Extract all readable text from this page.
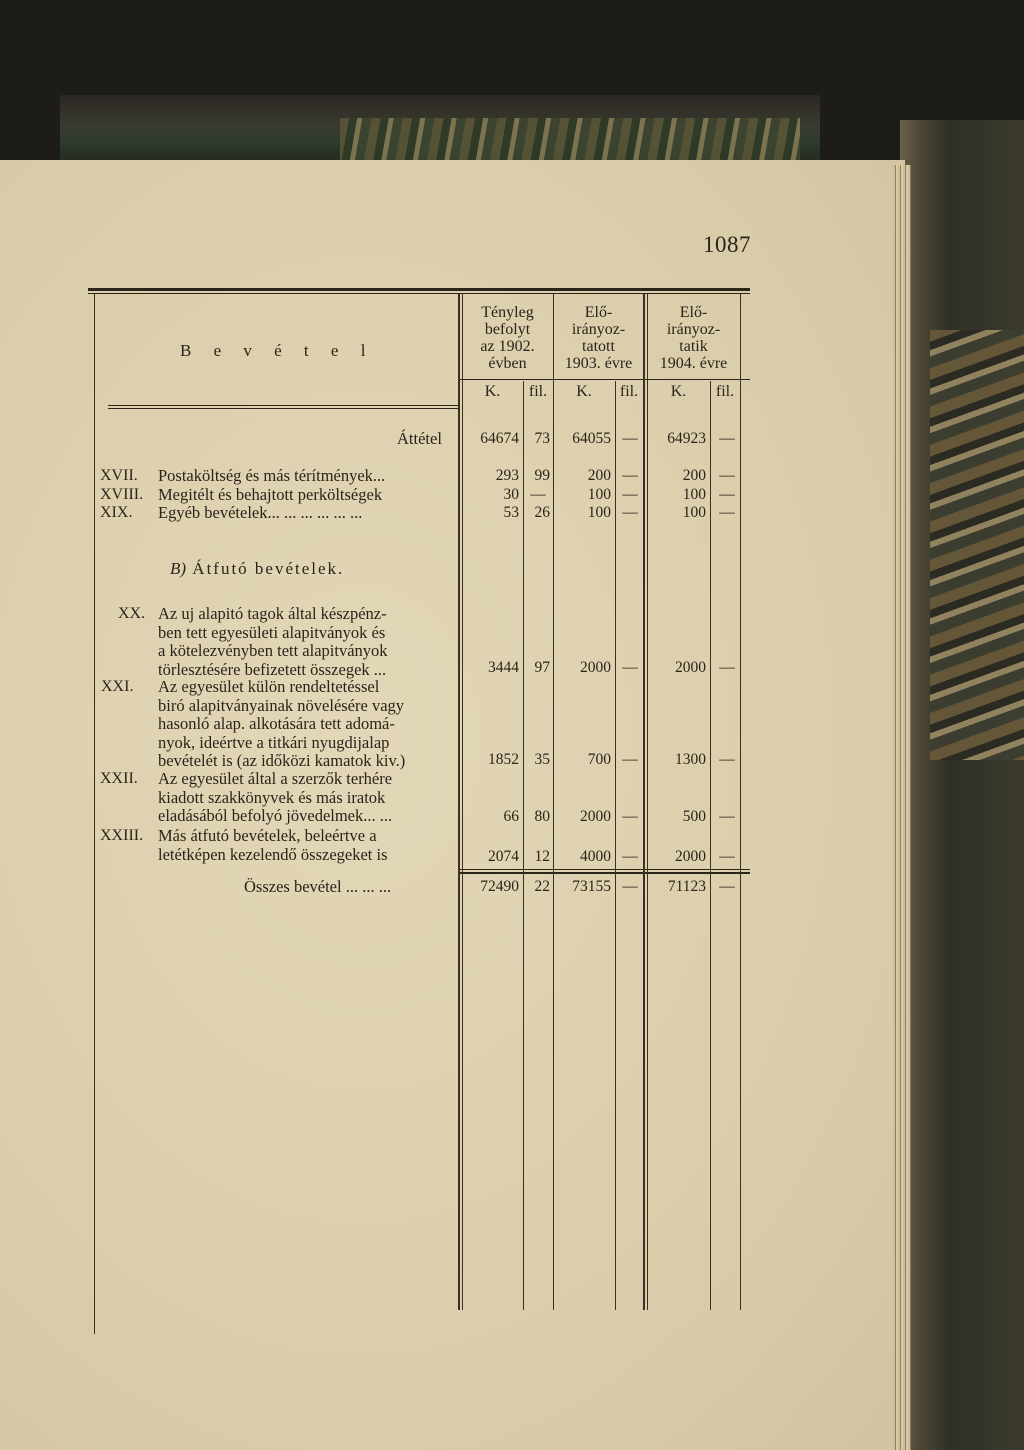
1087
B e v é t e l
Tényleg
befolyt
az 1902.
évben
Elő-
irányoz-
tatott
1903. évre
Elő-
irányoz-
tatik
1904. évre
K.	fil.	K.	fil.	K.	fil.
Áttétel	64674	73	64055 —	64923 —
XVII. Postaköltség és más térítmények...	293	99	200 —	200 —
XVIII. Megitélt és behajtott perköltségek	30 —	100 —	100 —
XIX. Egyéb bevételek... ... ... ... ... ...	53	26	100 —	100 —
B) Átfutó bevételek.
XX. Az uj alapitó tagok által készpénz-
ben tett egyesületi alapitványok és
a kötelezvényben tett alapitványok
törlesztésére befizetett összegek ...	3444	97	2000 —	2000 —
XXI. Az egyesület külön rendeltetéssel
biró alapitványainak növelésére vagy
hasonló alap. alkotására tett adomá-
nyok, ideértve a titkári nyugdijalap
bevételét is (az időközi kamatok kiv.)	1852	35	700 —	1300 —
XXII. Az egyesület által a szerzők terhére
kiadott szakkönyvek és más iratok
eladásából befolyó jövedelmek... ...	66	80	2000 —	500 —
XXIII. Más átfutó bevételek, beleértve a
letétképen kezelendő összegeket is	2074	12	4000 —	2000 —
Összes bevétel ... ... ...	72490	22	73155 —	71123 —
